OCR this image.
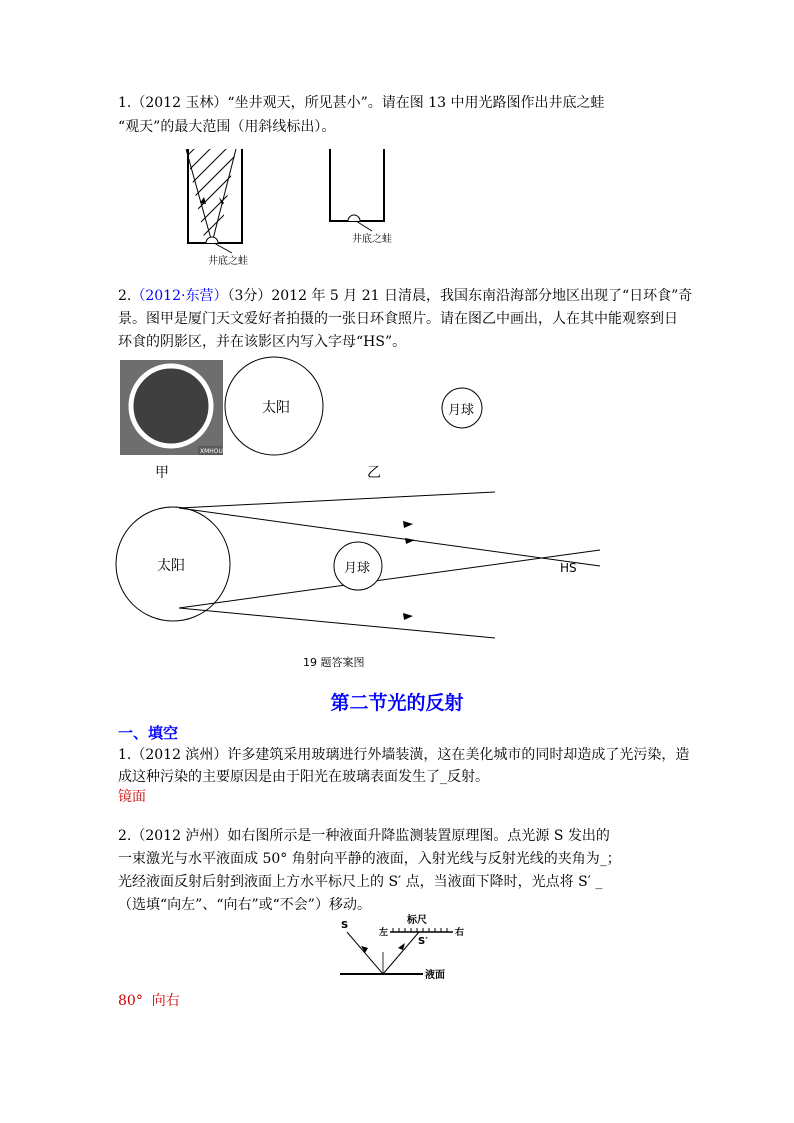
1.（2012 玉林）“坐井观天，所见甚小”。请在图 13 中用光路图作出井底之蛙
“观天”的最大范围（用斜线标出）。
井底之蛙
井底之蛙
2.（2012·东营）（3分）2012 年 5 月 21 日清晨，我国东南沿海部分地区出现了“日环食”奇
景。图甲是厦门天文爱好者拍摄的一张日环食照片。请在图乙中画出，人在其中能观察到日
环食的阴影区，并在该影区内写入字母“HS”。
XMHOUSE
太阳	月球
甲	乙
太阳	月球	HS
19 题答案图
第二节光的反射
一、填空
1.（2012 滨州）许多建筑采用玻璃进行外墙装潢，这在美化城市的同时却造成了光污染，造
成这种污染的主要原因是由于阳光在玻璃表面发生了_反射。
镜面
2.（2012 泸州）如右图所示是一种液面升降监测装置原理图。点光源 S 发出的
一束激光与水平液面成 50° 角射向平静的液面，入射光线与反射光线的夹角为_；
光经液面反射后射到液面上方水平标尺上的 S′ 点，当液面下降时，光点将 S′ _
（选填“向左”、“向右”或“不会”）移动。
标尺
左	右
S
S′
液面
80°  向右
